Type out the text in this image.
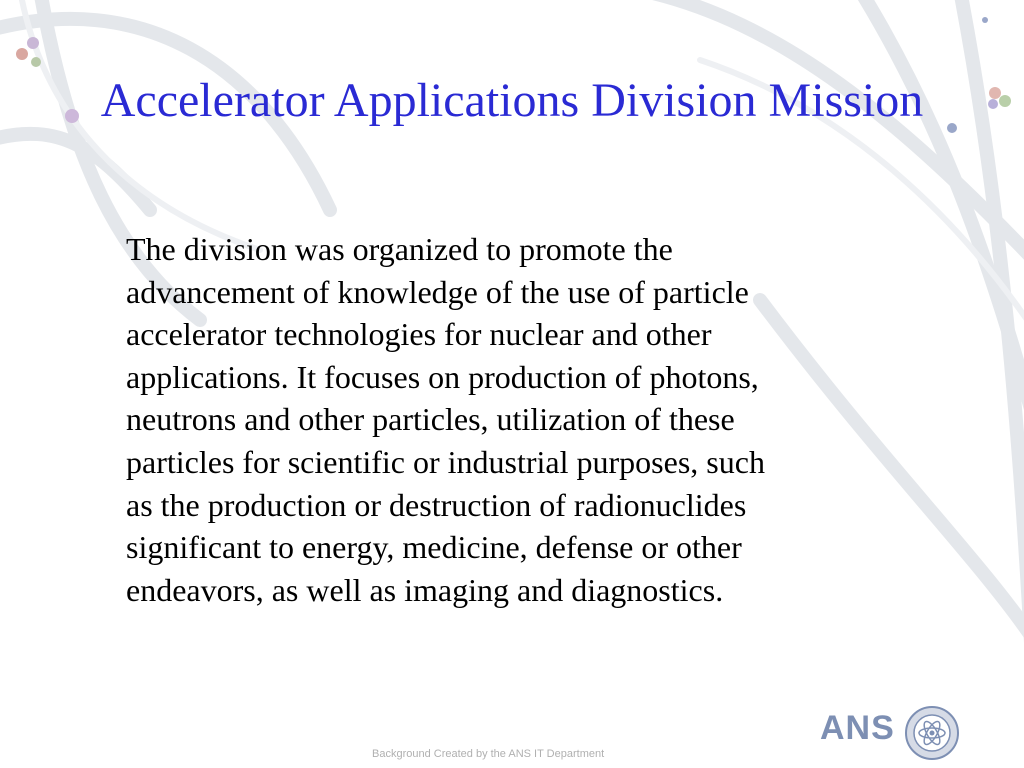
Accelerator Applications Division Mission

The division was organized to promote the
advancement of knowledge of the use of particle
accelerator technologies for nuclear and other
applications. It focuses on production of photons,
neutrons and other particles, utilization of these
particles for scientific or industrial purposes, such
as the production or destruction of radionuclides
significant to energy, medicine, defense or other
endeavors, as well as imaging and diagnostics.

ANS
Background Created by the ANS IT Department
